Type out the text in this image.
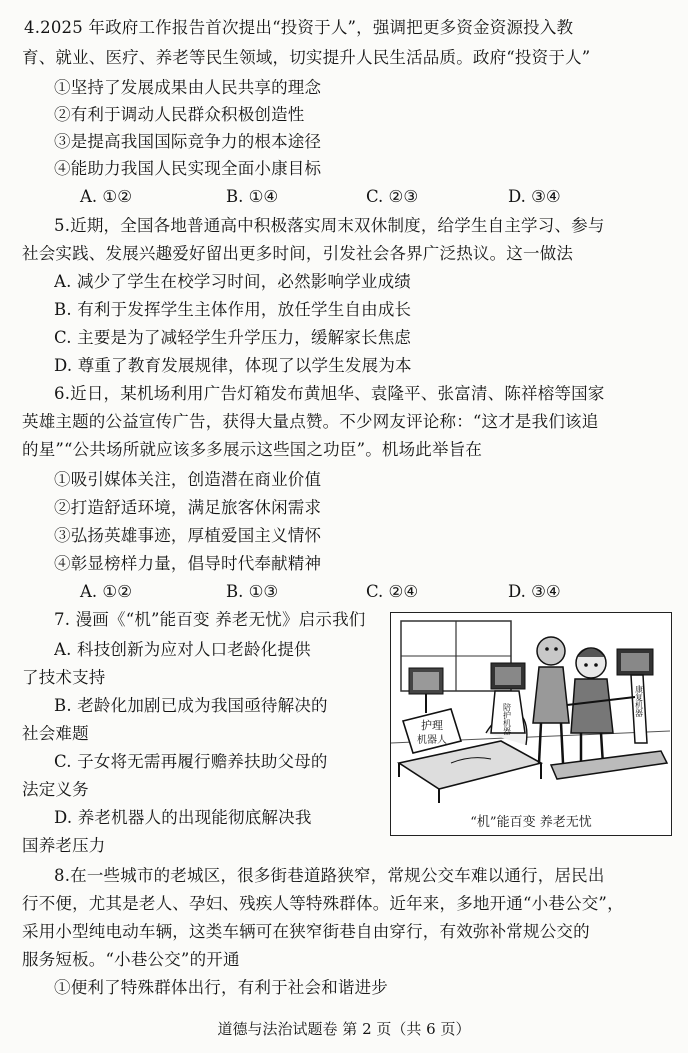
4.2025 年政府工作报告首次提出“投资于人”，强调把更多资金资源投入教
育、就业、医疗、养老等民生领域，切实提升人民生活品质。政府“投资于人”
①坚持了发展成果由人民共享的理念
②有利于调动人民群众积极创造性
③是提高我国国际竞争力的根本途径
④能助力我国人民实现全面小康目标
A. ①②	B. ①④	C. ②③	D. ③④
5.近期，全国各地普通高中积极落实周末双休制度，给学生自主学习、参与
社会实践、发展兴趣爱好留出更多时间，引发社会各界广泛热议。这一做法
A. 减少了学生在校学习时间，必然影响学业成绩
B. 有利于发挥学生主体作用，放任学生自由成长
C. 主要是为了减轻学生升学压力，缓解家长焦虑
D. 尊重了教育发展规律，体现了以学生发展为本
6.近日，某机场利用广告灯箱发布黄旭华、袁隆平、张富清、陈祥榕等国家
英雄主题的公益宣传广告，获得大量点赞。不少网友评论称：“这才是我们该追
的星”“公共场所就应该多多展示这些国之功臣”。机场此举旨在
①吸引媒体关注，创造潜在商业价值
②打造舒适环境，满足旅客休闲需求
③弘扬英雄事迹，厚植爱国主义情怀
④彰显榜样力量，倡导时代奉献精神
A. ①②	B. ①③	C. ②④	D. ③④
7. 漫画《“机”能百变 养老无忧》启示我们
A. 科技创新为应对人口老龄化提供
了技术支持
B. 老龄化加剧已成为我国亟待解决的
社会难题
C. 子女将无需再履行赡养扶助父母的
法定义务
D. 养老机器人的出现能彻底解决我
国养老压力
护理
机器人
陪护机器
康复机器
“机”能百变 养老无忧
8.在一些城市的老城区，很多街巷道路狭窄，常规公交车难以通行，居民出
行不便，尤其是老人、孕妇、残疾人等特殊群体。近年来，多地开通“小巷公交”，
采用小型纯电动车辆，这类车辆可在狭窄街巷自由穿行，有效弥补常规公交的
服务短板。“小巷公交”的开通
①便利了特殊群体出行，有利于社会和谐进步
道德与法治试题卷 第 2 页（共 6 页）
